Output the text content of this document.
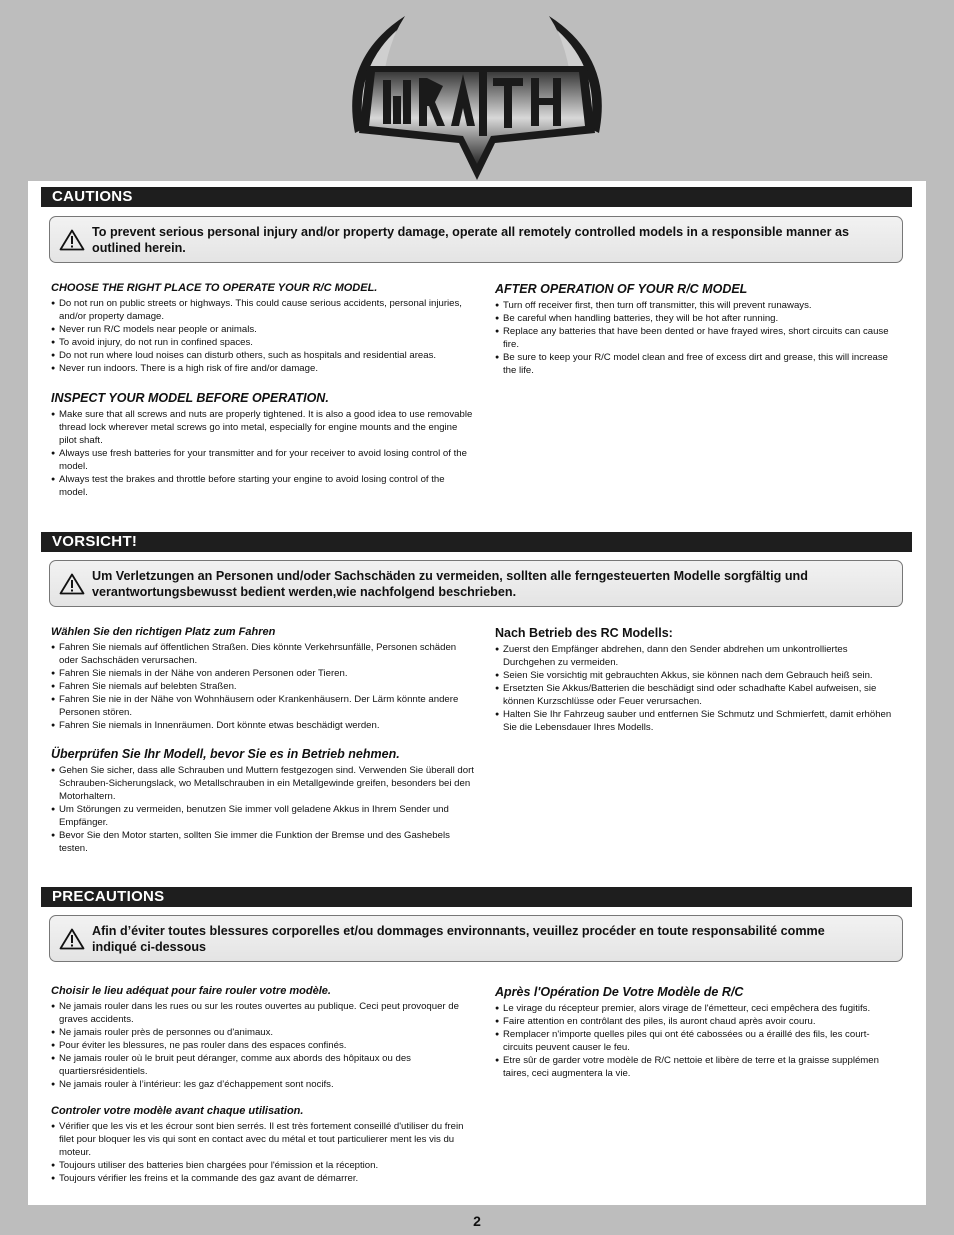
CAUTIONS
To prevent serious personal injury and/or property damage, operate all remotely controlled models in a responsible manner as outlined herein.
CHOOSE THE RIGHT PLACE TO OPERATE YOUR R/C MODEL.
● Do not run on public streets or highways. This could cause serious accidents, personal injuries, and/or property damage.
● Never run R/C models near people or animals.
● To avoid injury, do not run in confined spaces.
● Do not run where loud noises can disturb others, such as hospitals and residential areas.
● Never run indoors. There is a high risk of fire and/or damage.
INSPECT YOUR MODEL BEFORE OPERATION.
● Make sure that all screws and nuts are properly tightened. It is also a good idea to use removable thread lock wherever metal screws go into metal, especially for engine mounts and the engine pilot shaft.
● Always use fresh batteries for your transmitter and for your receiver to avoid losing control of the model.
● Always test the brakes and throttle before starting your engine to avoid losing control of the model.
AFTER OPERATION OF YOUR R/C MODEL
● Turn off receiver first, then turn off transmitter, this will prevent runaways.
● Be careful when handling batteries, they will be hot after running.
● Replace any batteries that have been dented or have frayed wires, short circuits can cause fire.
● Be sure to keep your R/C model clean and free of excess dirt and grease, this will increase the life.
VORSICHT!
Um Verletzungen an Personen und/oder Sachschäden zu vermeiden, sollten alle ferngesteuerten Modelle sorgfältig und verantwortungsbewusst bedient werden,wie nachfolgend beschrieben.
Wählen Sie den richtigen Platz zum Fahren
● Fahren Sie niemals auf öffentlichen Straßen. Dies könnte Verkehrsunfälle, Personen schäden oder Sachschäden verursachen.
● Fahren Sie niemals in der Nähe von anderen Personen oder Tieren.
● Fahren Sie niemals auf belebten Straßen.
● Fahren Sie nie in der Nähe von Wohnhäusern oder Krankenhäusern. Der Lärm könnte andere Personen stören.
● Fahren Sie niemals in Innenräumen. Dort könnte etwas beschädigt werden.
Überprüfen Sie Ihr Modell, bevor Sie es in Betrieb nehmen.
● Gehen Sie sicher, dass alle Schrauben und Muttern festgezogen sind. Verwenden Sie überall dort Schrauben-Sicherungslack, wo Metallschrauben in ein Metallgewinde greifen, besonders bei den Motorhaltern.
● Um Störungen zu vermeiden, benutzen Sie immer voll geladene Akkus in Ihrem Sender und Empfänger.
● Bevor Sie den Motor starten, sollten Sie immer die Funktion der Bremse und des Gashebels testen.
Nach Betrieb des RC Modells:
● Zuerst den Empfänger abdrehen, dann den Sender abdrehen um unkontrolliertes Durchgehen zu vermeiden.
● Seien Sie vorsichtig mit gebrauchten Akkus, sie können nach dem Gebrauch heiß sein.
● Ersetzten Sie Akkus/Batterien die beschädigt sind oder schadhafte Kabel aufweisen, sie können Kurzschlüsse oder Feuer verursachen.
● Halten Sie Ihr Fahrzeug sauber und entfernen Sie Schmutz und Schmierfett, damit erhöhen Sie die Lebensdauer Ihres Modells.
PRECAUTIONS
Afin d’éviter toutes blessures corporelles et/ou dommages environnants, veuillez procéder en toute responsabilité comme indiqué ci-dessous
Choisir le lieu adéquat pour faire rouler votre modèle.
● Ne jamais rouler dans les rues ou sur les routes ouvertes au publique. Ceci peut provoquer de graves accidents.
● Ne jamais rouler près de personnes ou d'animaux.
● Pour éviter les blessures, ne pas rouler dans des espaces confinés.
● Ne jamais rouler où le bruit peut déranger, comme aux abords des hôpitaux ou des quartiersrésidentiels.
● Ne jamais rouler à l’intérieur: les gaz d’échappement sont nocifs.
Controler votre modèle avant chaque utilisation.
● Vérifier que les vis et les écrour sont bien serrés. Il est très fortement conseillé d'utiliser du frein filet pour bloquer les vis qui sont en contact avec du métal et tout particulierer ment les vis du moteur.
● Toujours utiliser des batteries bien chargées pour l'émission et la réception.
● Toujours vérifier les freins et la commande des gaz avant de démarrer.
Après l'Opération De Votre Modèle de R/C
● Le virage du récepteur premier, alors virage de l'émetteur, ceci empêchera des fugitifs.
● Faire attention en contrôlant des piles, ils auront chaud après avoir couru.
● Remplacer n'importe quelles piles qui ont été cabossées ou a éraillé des fils, les court-circuits peuvent causer le feu.
● Etre sûr de garder votre modèle de R/C nettoie et libère de terre et la graisse supplémen taires, ceci augmentera la vie.
2
